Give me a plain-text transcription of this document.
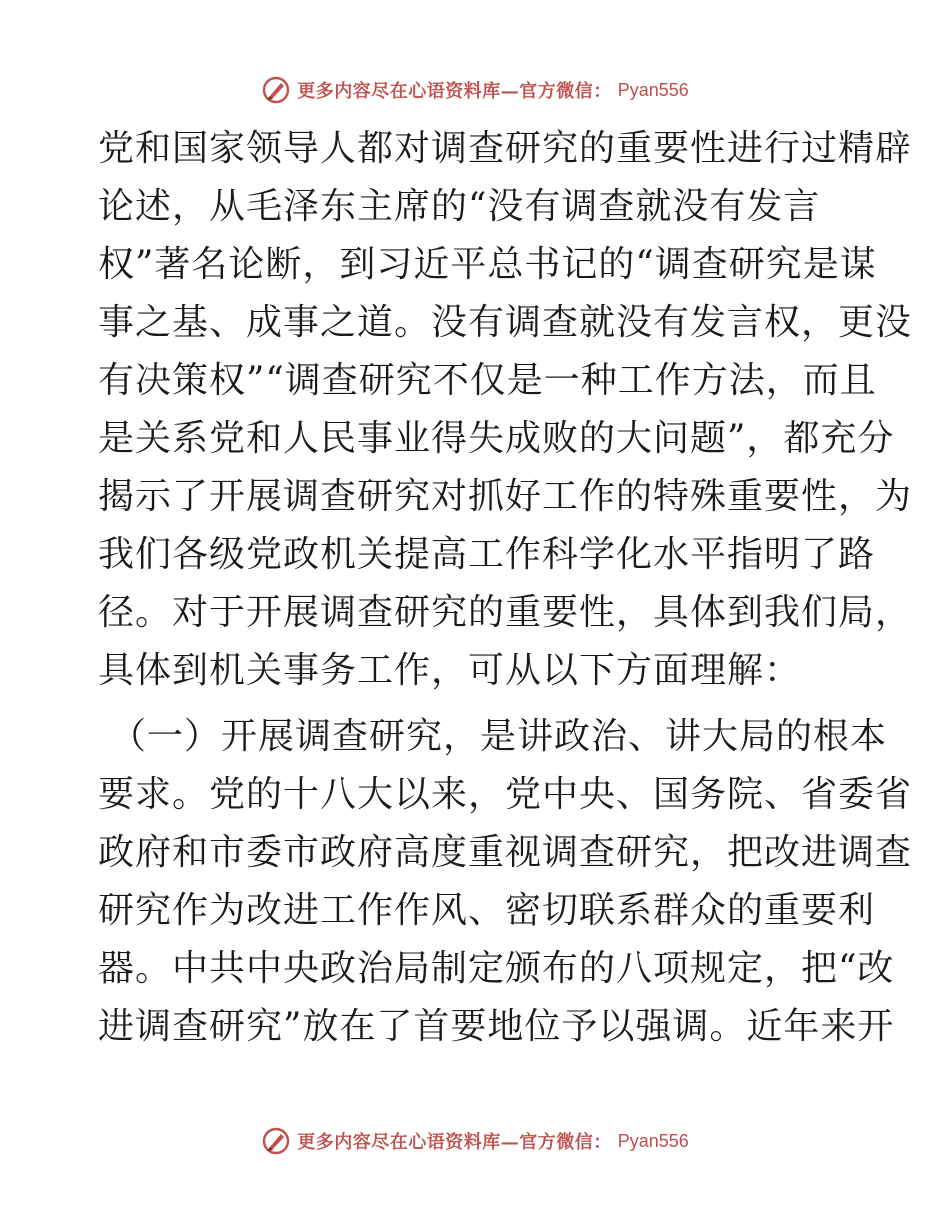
更多内容尽在心语资料库—官方微信： Pyan556
党和国家领导人都对调查研究的重要性进行过精辟
论述，从毛泽东主席的“没有调查就没有发言
权”著名论断，到习近平总书记的“调查研究是谋
事之基、成事之道。没有调查就没有发言权，更没
有决策权”“调查研究不仅是一种工作方法，而且
是关系党和人民事业得失成败的大问题”，都充分
揭示了开展调查研究对抓好工作的特殊重要性，为
我们各级党政机关提高工作科学化水平指明了路
径。对于开展调查研究的重要性，具体到我们局，
具体到机关事务工作，可从以下方面理解：
（一）开展调查研究，是讲政治、讲大局的根本
要求。党的十八大以来，党中央、国务院、省委省
政府和市委市政府高度重视调查研究，把改进调查
研究作为改进工作作风、密切联系群众的重要利
器。中共中央政治局制定颁布的八项规定，把“改
进调查研究”放在了首要地位予以强调。近年来开
更多内容尽在心语资料库—官方微信： Pyan556
